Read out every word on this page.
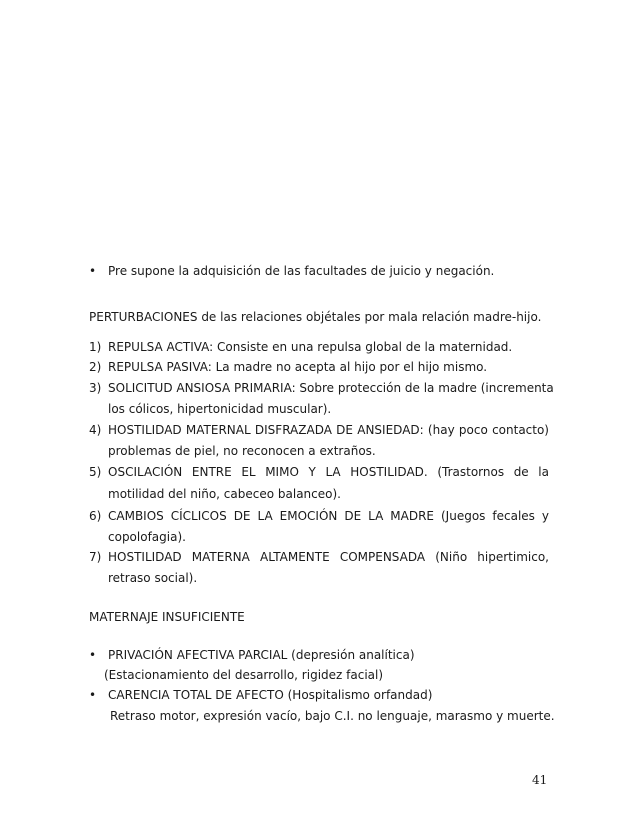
• Pre supone la adquisición de las facultades de juicio y negación.
PERTURBACIONES de las relaciones objétales por mala relación madre-hijo.
1) REPULSA ACTIVA: Consiste en una repulsa global de la maternidad.
2) REPULSA PASIVA: La madre no acepta al hijo por el hijo mismo.
3) SOLICITUD ANSIOSA PRIMARIA: Sobre protección de la madre (incrementa
los cólicos, hipertonicidad muscular).
4) HOSTILIDAD MATERNAL DISFRAZADA DE ANSIEDAD: (hay poco contacto)
problemas de piel, no reconocen a extraños.
5) OSCILACIÓN ENTRE EL MIMO Y LA HOSTILIDAD. (Trastornos de la
motilidad del niño, cabeceo balanceo).
6) CAMBIOS CÍCLICOS DE LA EMOCIÓN DE LA MADRE (Juegos fecales y
copolofagia).
7) HOSTILIDAD MATERNA ALTAMENTE COMPENSADA (Niño hipertimico,
retraso social).
MATERNAJE INSUFICIENTE
• PRIVACIÓN AFECTIVA PARCIAL (depresión analítica)
(Estacionamiento del desarrollo, rigidez facial)
• CARENCIA TOTAL DE AFECTO (Hospitalismo orfandad)
Retraso motor, expresión vacío, bajo C.I. no lenguaje, marasmo y muerte.
41
